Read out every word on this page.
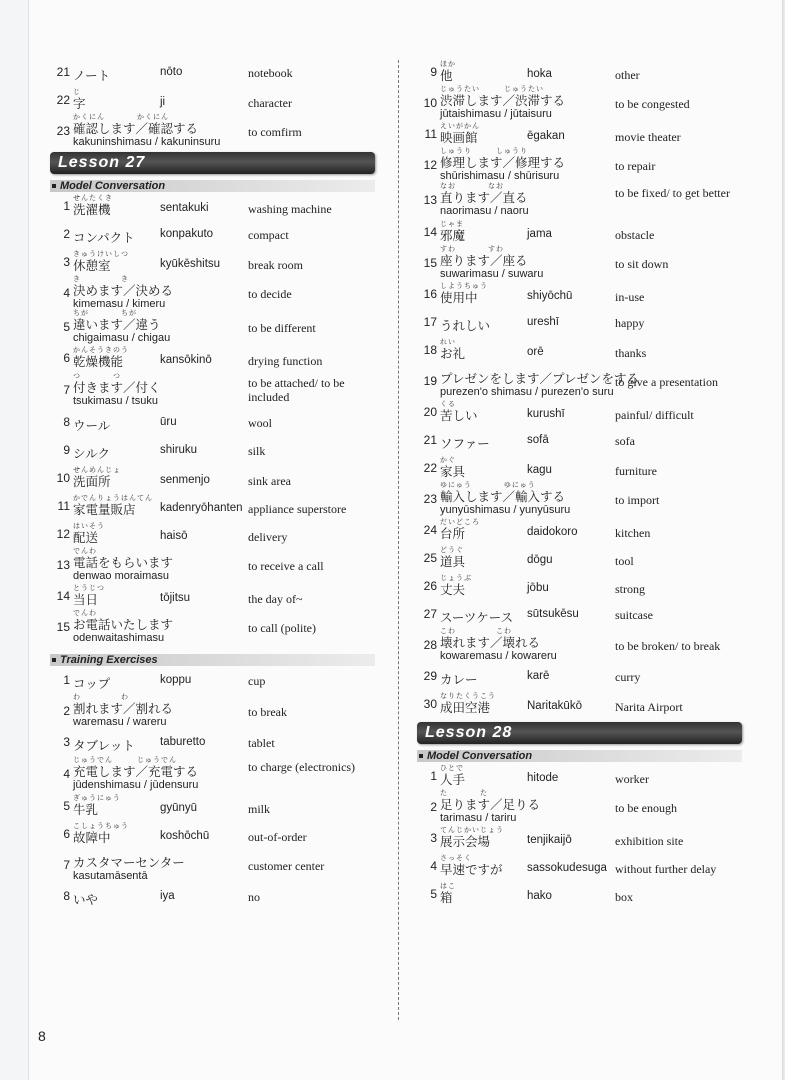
21 ノート	nōto	notebook
22
じ
字	ji	character
23
かくにん　　　　かくにん
確認します／確認する
kakuninshimasu / kakuninsuru
to comfirm
Lesson 27
Model Conversation
1
せんたくき
洗濯機	sentakuki	washing machine
2 コンパクト konpakuto	compact
3
きゅうけいしつ
休憩室	kyūkēshitsu break room
4
き　　　　　き
決めます／決める
kimemasu / kimeru
to decide
5
ちが　　　　ちが
違います／違う
chigaimasu / chigau
to be different
6
かんそうきのう
乾燥機能	kansōkinō	drying function
7
つ　　　　つ
付きます／付く
tsukimasu / tsuku
to be attached/ to be included
8 ウール	ūru	wool
9 シルク	shiruku	silk
10
せんめんじょ
洗面所	senmenjo	sink area
11
かでんりょうはんてん
家電量販店	kadenryōhanten appliance superstore
12
はいそう
配送	haisō	delivery
13
でんわ
電話をもらいます
denwao moraimasu
to receive a call
14
とうじつ
当日	tōjitsu	the day of~
15
でんわ
お電話いたします
odenwaitashimasu
to call (polite)
Training Exercises
1 コップ	koppu	cup
2
わ　　　　　わ
割れます／割れる
waremasu / wareru
to break
3 タブレット taburetto	tablet
4
じゅうでん　　　じゅうでん
充電します／充電する
jūdenshimasu / jūdensuru
to charge (electronics)
5
ぎゅうにゅう
牛乳	gyūnyū	milk
6
こしょうちゅう
故障中	koshōchū	out-of-order
7 カスタマーセンター
kasutamāsentā
customer center
8 いや	iya	no
9
ほか
他	hoka	other
10
じゅうたい　　　じゅうたい
渋滞します／渋滞する
jūtaishimasu / jūtaisuru
to be congested
11
えいがかん
映画館	ēgakan	movie theater
12
しゅうり　　　しゅうり
修理します／修理する
shūrishimasu / shūrisuru
to repair
13
なお　　　　なお
直ります／直る
naorimasu / naoru
to be fixed/ to get better
14
じゃま
邪魔	jama	obstacle
15
すわ　　　　すわ
座ります／座る
suwarimasu / suwaru
to sit down
16
しようちゅう
使用中	shiyōchū	in-use
17 うれしい	ureshī	happy
18
れい
お礼	orē	thanks
19 プレゼンをします／プレゼンをする
purezen'o shimasu / purezen'o suru
to give a presentation
20
くる
苦しい	kurushī	painful/ difficult
21 ソファー	sofā	sofa
22
かぐ
家具	kagu	furniture
23
ゆにゅう　　　　ゆにゅう
輸入します／輸入する
yunyūshimasu / yunyūsuru
to import
24
だいどころ
台所	daidokoro	kitchen
25
どうぐ
道具	dōgu	tool
26
じょうぶ
丈夫	jōbu	strong
27 スーツケース sūtsukēsu	suitcase
28
こわ　　　　　こわ
壊れます／壊れる
kowaremasu / kowareru
to be broken/ to break
29 カレー	karē	curry
30
なりたくうこう
成田空港	Naritakūkō	Narita Airport
Lesson 28
Model Conversation
1
ひとで
人手	hitode	worker
2
た　　　　た
足ります／足りる
tarimasu / tariru
to be enough
3
てんじかいじょう
展示会場	tenjikaijō	exhibition site
4
さっそく
早速ですが sassokudesuga without further delay
5
はこ
箱	hako	box
8
